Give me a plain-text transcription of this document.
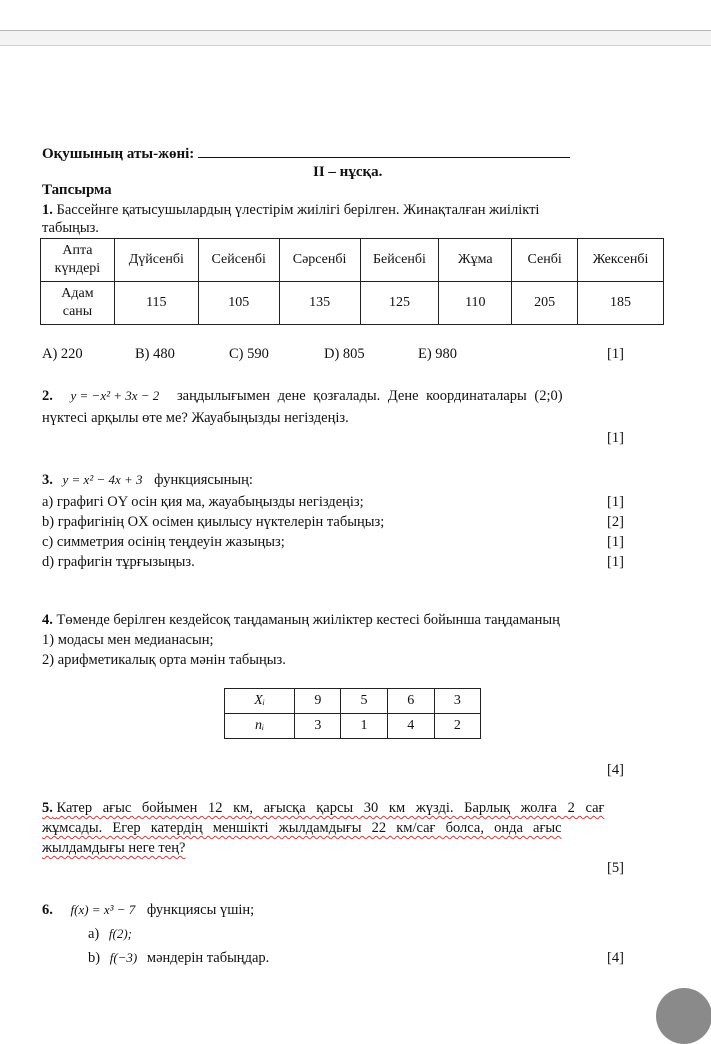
Оқушының аты-жөні:
II – нұсқа.
Тапсырма
1. Бассейнге қатысушылардың үлестірім жиілігі берілген. Жинақталған жиілікті
табыңыз.
Апта
күндері	Дүйсенбі	Сейсенбі	Сәрсенбі	Бейсенбі	Жұма	Сенбі	Жексенбі

Адам
саны	115	105	135	125	110	205	185
A) 220	B) 480	C) 590	D) 805	E) 980	[1]
2. y = −x² + 3x − 2 заңдылығымен дене қозғалады. Дене координаталары (2;0)
нүктесі арқылы өте ме? Жауабыңызды негіздеңіз.
[1]
3. y = x² − 4x + 3 функциясының:
a) графигі OY осін қия ма, жауабыңызды негіздеңіз;	[1]
b) графигінің OX осімен қиылысу нүктелерін табыңыз;	[2]
c) симметрия осінің теңдеуін жазыңыз;	[1]
d) графигін тұрғызыңыз.	[1]
4. Төменде берілген кездейсоқ таңдаманың жиіліктер кестесі бойынша таңдаманың
1) модасы мен медианасын;
2) арифметикалық орта мәнін табыңыз.
Xᵢ	9	5	6	3
nᵢ	3	1	4	2
[4]
5. Катер ағыс бойымен 12 км, ағысқа қарсы 30 км жүзді. Барлық жолға 2 сағ
жұмсады. Егер катердің меншікті жылдамдығы 22 км/сағ болса, онда ағыс
жылдамдығы неге тең?
[5]
6. f(x) = x³ − 7 функциясы үшін;
a) f(2);
b) f(−3) мәндерін табыңдар.	[4]
